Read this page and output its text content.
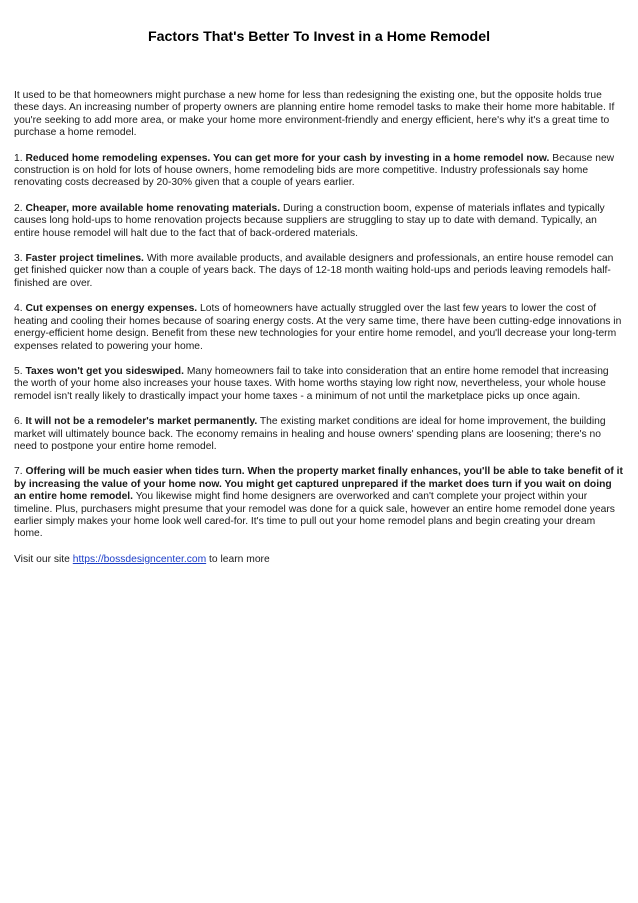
Factors That's Better To Invest in a Home Remodel

It used to be that homeowners might purchase a new home for less than redesigning the existing one, but the opposite holds true these days. An increasing number of property owners are planning entire home remodel tasks to make their home more habitable. If you're seeking to add more area, or make your home more environment-friendly and energy efficient, here's why it's a great time to purchase a home remodel.

1. Reduced home remodeling expenses. You can get more for your cash by investing in a home remodel now. Because new construction is on hold for lots of house owners, home remodeling bids are more competitive. Industry professionals say home renovating costs decreased by 20-30% given that a couple of years earlier.

2. Cheaper, more available home renovating materials. During a construction boom, expense of materials inflates and typically causes long hold-ups to home renovation projects because suppliers are struggling to stay up to date with demand. Typically, an entire house remodel will halt due to the fact that of back-ordered materials.

3. Faster project timelines. With more available products, and available designers and professionals, an entire house remodel can get finished quicker now than a couple of years back. The days of 12-18 month waiting hold-ups and periods leaving remodels half-finished are over.

4. Cut expenses on energy expenses. Lots of homeowners have actually struggled over the last few years to lower the cost of heating and cooling their homes because of soaring energy costs. At the very same time, there have been cutting-edge innovations in energy-efficient home design. Benefit from these new technologies for your entire home remodel, and you'll decrease your long-term expenses related to powering your home.

5. Taxes won't get you sideswiped. Many homeowners fail to take into consideration that an entire home remodel that increasing the worth of your home also increases your house taxes. With home worths staying low right now, nevertheless, your whole house remodel isn't really likely to drastically impact your home taxes - a minimum of not until the marketplace picks up once again.

6. It will not be a remodeler's market permanently. The existing market conditions are ideal for home improvement, the building market will ultimately bounce back. The economy remains in healing and house owners' spending plans are loosening; there's no need to postpone your entire home remodel.

7. Offering will be much easier when tides turn. When the property market finally enhances, you'll be able to take benefit of it by increasing the value of your home now. You might get captured unprepared if the market does turn if you wait on doing an entire home remodel. You likewise might find home designers are overworked and can't complete your project within your timeline. Plus, purchasers might presume that your remodel was done for a quick sale, however an entire home remodel done years earlier simply makes your home look well cared-for. It's time to pull out your home remodel plans and begin creating your dream home.

Visit our site https://bossdesigncenter.com to learn more
